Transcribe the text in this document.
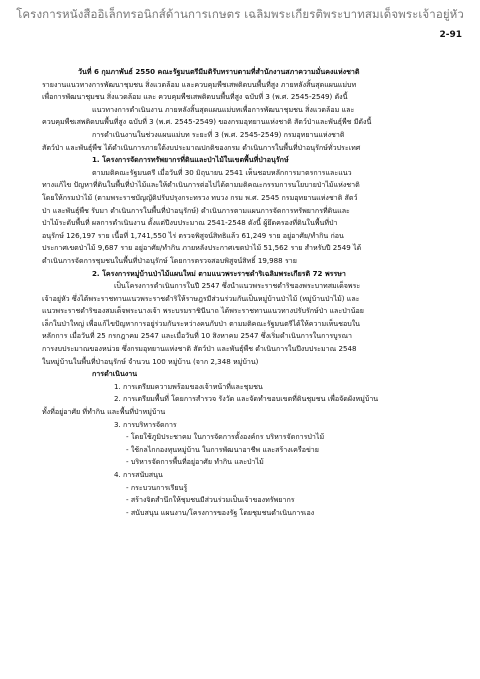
โครงการหนังสืออิเล็กทรอนิกส์ด้านการเกษตร เฉลิมพระเกียรติพระบาทสมเด็จพระเจ้าอยู่หัว
2-91

วันที่ 6 กุมภาพันธ์ 2550 คณะรัฐมนตรีมีมติรับทราบตามที่สำนักงานสภาความมั่นคงแห่งชาติ

รายงานแนวทางการพัฒนาชุมชน สิ่งแวดล้อม และควบคุมพืชเสพติดบนพื้นที่สูง ภายหลังสิ้นสุดแผนแม่บท

เพื่อการพัฒนาชุมชน สิ่งแวดล้อม และ ควบคุมพืชเสพติดบนพื้นที่สูง ฉบับที่ 3 (พ.ศ. 2545-2549) ดังนี้

แนวทางการดำเนินงาน ภายหลังสิ้นสุดแผนแม่บทเพื่อการพัฒนาชุมชน สิ่งแวดล้อม และ

ควบคุมพืชเสพติดบนพื้นที่สูง ฉบับที่ 3 (พ.ศ. 2545-2549) ของกรมอุทยานแห่งชาติ สัตว์ป่าและพันธุ์พืช มีดังนี้

การดำเนินงานในช่วงแผนแม่บท ระยะที่ 3 (พ.ศ. 2545-2549) กรมอุทยานแห่งชาติ

สัตว์ป่า และพันธุ์พืช ได้ดำเนินการภายใต้งบประมาณปกติของกรม ดำเนินการในพื้นที่ป่าอนุรักษ์ทั่วประเทศ

1. โครงการจัดการทรัพยากรที่ดินและป่าไม้ในเขตพื้นที่ป่าอนุรักษ์

ตามมติคณะรัฐมนตรี เมื่อวันที่ 30 มิถุนายน 2541 เห็นชอบหลักการมาตรการและแนว

ทางแก้ไข ปัญหาที่ดินในพื้นที่ป่าไม้และให้ดำเนินการต่อไปได้ตามมติคณะกรรมการนโยบายป่าไม้แห่งชาติ

โดยให้กรมป่าไม้ (ตามพระราชบัญญัติปรับปรุงกระทรวง ทบวง กรม พ.ศ. 2545 กรมอุทยานแห่งชาติ สัตว์

ป่า และพันธุ์พืช รับมา ดำเนินการในพื้นที่ป่าอนุรักษ์) ดำเนินการตามแผนการจัดการทรัพยากรที่ดินและ

ป่าไม้ระดับพื้นที่ ผลการดำเนินงาน ตั้งแต่ปีงบประมาณ 2541-2548 ดังนี้ ผู้ยึดครองที่ดินในพื้นที่ป่า

อนุรักษ์ 126,197 ราย เนื้อที่ 1,741,550 ไร่ ตรวจพิสูจน์สิทธิแล้ว 61,249 ราย อยู่อาศัย/ทำกิน ก่อน

ประกาศเขตป่าไม้ 9,687 ราย อยู่อาศัย/ทำกิน ภายหลังประกาศเขตป่าไม้ 51,562 ราย สำหรับปี 2549 ได้

ดำเนินการจัดการชุมชนในพื้นที่ป่าอนุรักษ์ โดยการตรวจสอบพิสูจน์สิทธิ์ 19,988 ราย

2. โครงการหมู่บ้านป่าไม้แผนใหม่ ตามแนวพระราชดำริเฉลิมพระเกียรติ 72 พรรษา

เป็นโครงการดำเนินการในปี 2547 ซึ่งนำแนวพระราชดำริของพระบาทสมเด็จพระ

เจ้าอยู่หัว ซึ่งได้พระราชทานแนวพระราชดำริให้ราษฎรมีส่วนร่วมกันเป็นหมู่บ้านป่าไม้ (หมู่บ้านป่าไม้) และ

แนวพระราชดำริของสมเด็จพระนางเจ้า พระบรมราชินีนาถ ได้พระราชทานแนวทางปรับรักษ์ป่า และป่าน้อย

เล็กในป่าใหญ่ เพื่อแก้ไขปัญหาการอยู่ร่วมกันระหว่างคนกับป่า ตามมติคณะรัฐมนตรีได้ให้ความเห็นชอบใน

หลักการ เมื่อวันที่ 25 กรกฎาคม 2547 และเมื่อวันที่ 10 สิงหาคม 2547 ซึ่งเริ่มดำเนินการในการบูรณา

การงบประมาณของหน่วย ซึ่งกรมอุทยานแห่งชาติ สัตว์ป่า และพันธุ์พืช ดำเนินการในปีงบประมาณ 2548

ในหมู่บ้านในพื้นที่ป่าอนุรักษ์ จำนวน 100 หมู่บ้าน (จาก 2,348 หมู่บ้าน)

การดำเนินงาน

1. การเตรียมความพร้อมของเจ้าหน้าที่และชุมชน

2. การเตรียมพื้นที่ โดยการสำรวจ รังวัด และจัดทำขอบเขตที่ดินชุมชน เพื่อจัดผังหมู่บ้าน

ทั้งที่อยู่อาศัย ที่ทำกิน และพื้นที่ป่าหมู่บ้าน

3. การบริหารจัดการ

- โดยใช้ภูมิประชาคม ในการจัดการตั้งองค์กร บริหารจัดการป่าไม้

- ใช้กลไกกองทุนหมู่บ้าน ในการพัฒนาอาชีพ และสร้างเครือข่าย

- บริหารจัดการพื้นที่อยู่อาศัย ทำกิน และป่าไม้

4. การสนับสนุน

- กระบวนการเรียนรู้

- สร้างจิตสำนึกให้ชุมชนมีส่วนร่วมเป็นเจ้าของทรัพยากร

- สนับสนุน แผนงาน/โครงการของรัฐ โดยชุมชนดำเนินการเอง
